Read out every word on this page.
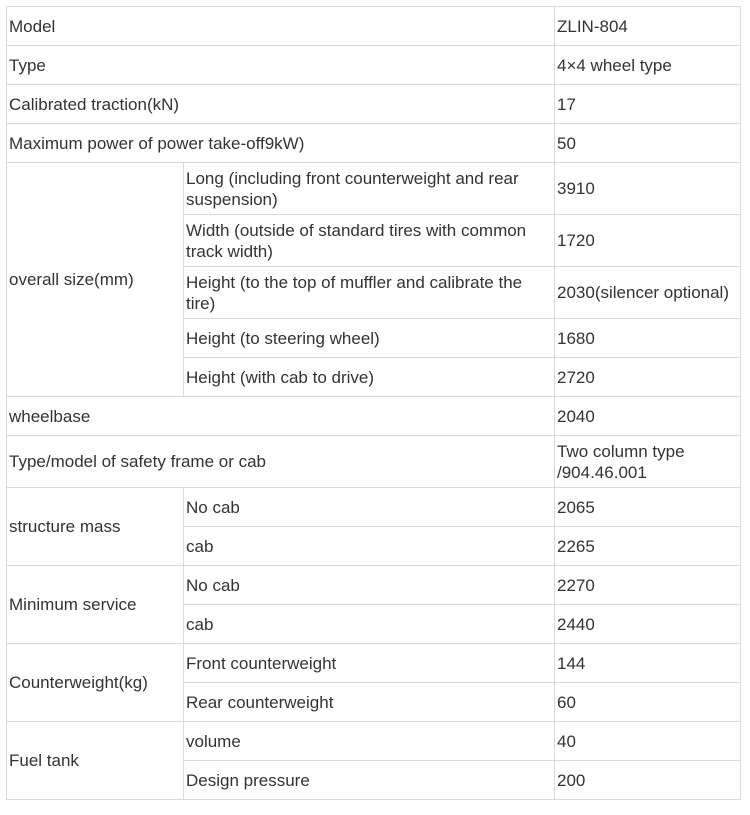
Model		ZLIN-804
Type		4×4 wheel type
Calibrated traction(kN)		17
Maximum power of power take-off9kW)		50
overall size(mm)	Long (including front counterweight and rear suspension)	3910
	Width (outside of standard tires with common track width)	1720
	Height (to the top of muffler and calibrate the tire)	2030(silencer optional)
	Height (to steering wheel)	1680
	Height (with cab to drive)	2720
wheelbase		2040
Type/model of safety frame or cab		Two column type /904.46.001
structure mass	No cab	2065
	cab	2265
Minimum service	No cab	2270
	cab	2440
Counterweight(kg)	Front counterweight	144
	Rear counterweight	60
Fuel tank	volume	40
	Design pressure	200
